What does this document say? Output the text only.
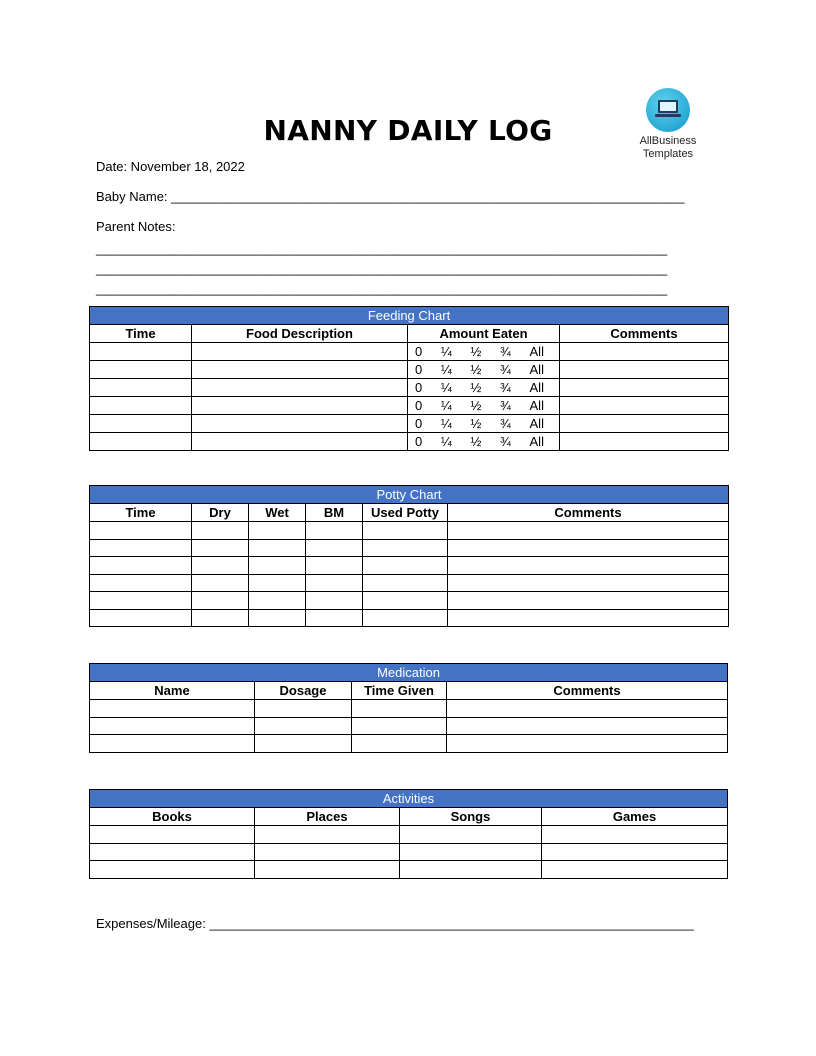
NANNY DAILY LOG	AllBusiness
Templates
Date: November 18, 2022
Baby Name: _______________________________________________________________________
Parent Notes:
_______________________________________________________________________________
_______________________________________________________________________________
_______________________________________________________________________________
Feeding Chart			
Time	Food Description	Amount Eaten	Comments

		0 ¼ ½ ¾ All	

		0 ¼ ½ ¾ All	

		0 ¼ ½ ¾ All	

		0 ¼ ½ ¾ All	

		0 ¼ ½ ¾ All	

		0 ¼ ½ ¾ All	

Potty Chart					
Time	Dry	Wet	BM	Used Potty	Comments

Medication			
Name	Dosage	Time Given	Comments

Activities			
Books	Places	Songs	Games

Expenses/Mileage: ___________________________________________________________________
